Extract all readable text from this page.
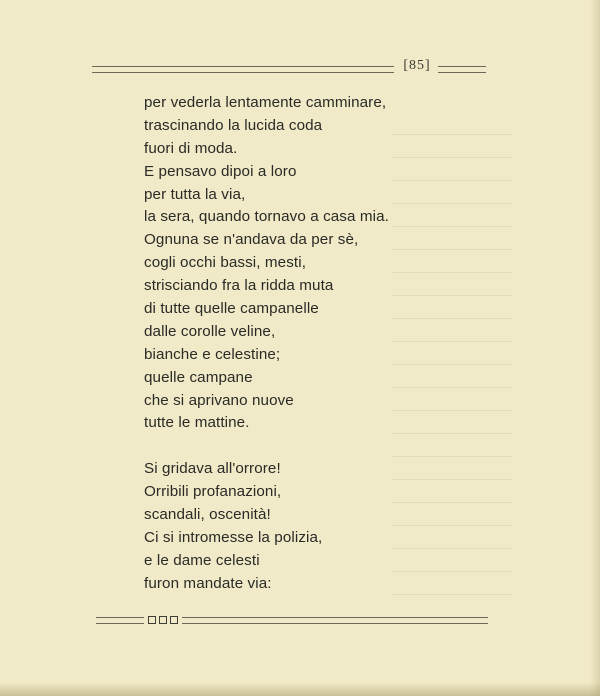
[85]
per vederla lentamente camminare,
trascinando la lucida coda
fuori di moda.
E pensavo dipoi a loro
per tutta la via,
la sera, quando tornavo a casa mia.
Ognuna se n'andava da per sè,
cogli occhi bassi, mesti,
strisciando fra la ridda muta
di tutte quelle campanelle
dalle corolle veline,
bianche e celestine;
quelle campane
che si aprivano nuove
tutte le mattine.
Si gridava all'orrore!
Orribili profanazioni,
scandali, oscenità!
Ci si intromesse la polizia,
e le dame celesti
furon mandate via:
